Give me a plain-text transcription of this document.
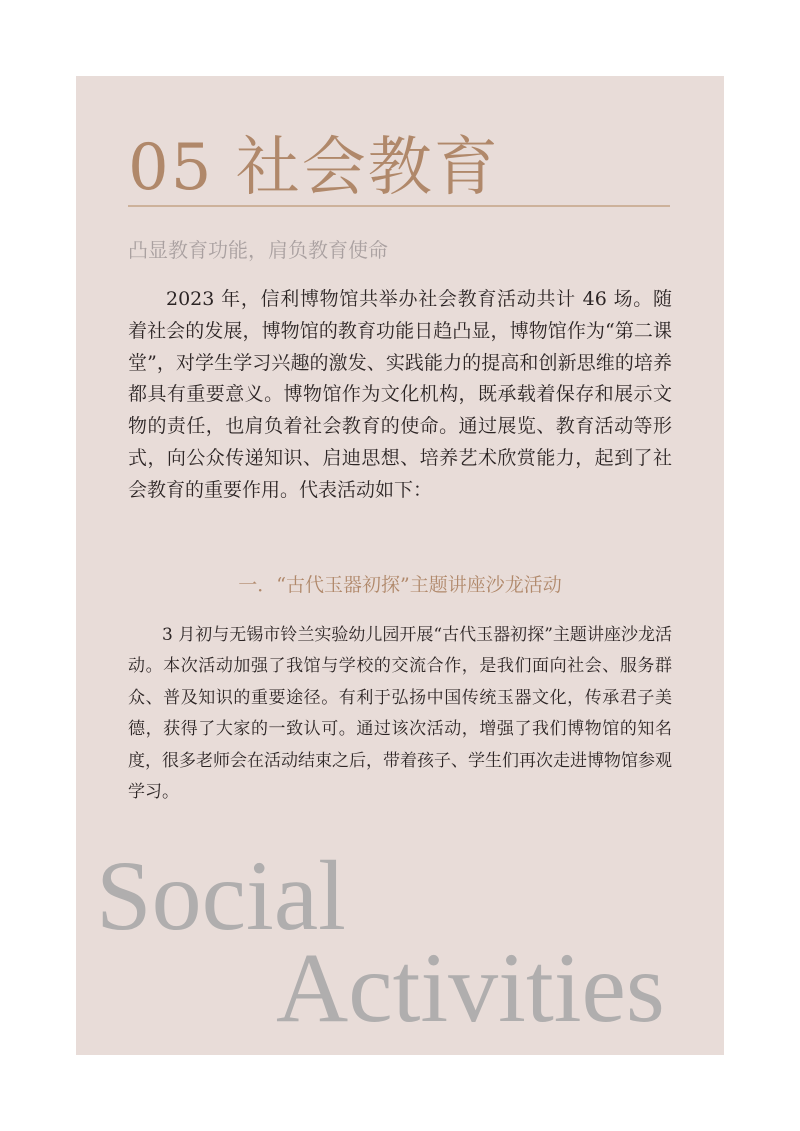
05 社会教育
凸显教育功能，肩负教育使命

2023 年，信利博物馆共举办社会教育活动共计 46 场。随着社会的发展，博物馆的教育功能日趋凸显，博物馆作为“第二课堂”，对学生学习兴趣的激发、实践能力的提高和创新思维的培养都具有重要意义。博物馆作为文化机构，既承载着保存和展示文物的责任，也肩负着社会教育的使命。通过展览、教育活动等形式，向公众传递知识、启迪思想、培养艺术欣赏能力，起到了社会教育的重要作用。代表活动如下：

一．“古代玉器初探”主题讲座沙龙活动

3 月初与无锡市铃兰实验幼儿园开展“古代玉器初探”主题讲座沙龙活动。本次活动加强了我馆与学校的交流合作，是我们面向社会、服务群众、普及知识的重要途径。有利于弘扬中国传统玉器文化，传承君子美德，获得了大家的一致认可。通过该次活动，增强了我们博物馆的知名度，很多老师会在活动结束之后，带着孩子、学生们再次走进博物馆参观学习。

Social
Activities
